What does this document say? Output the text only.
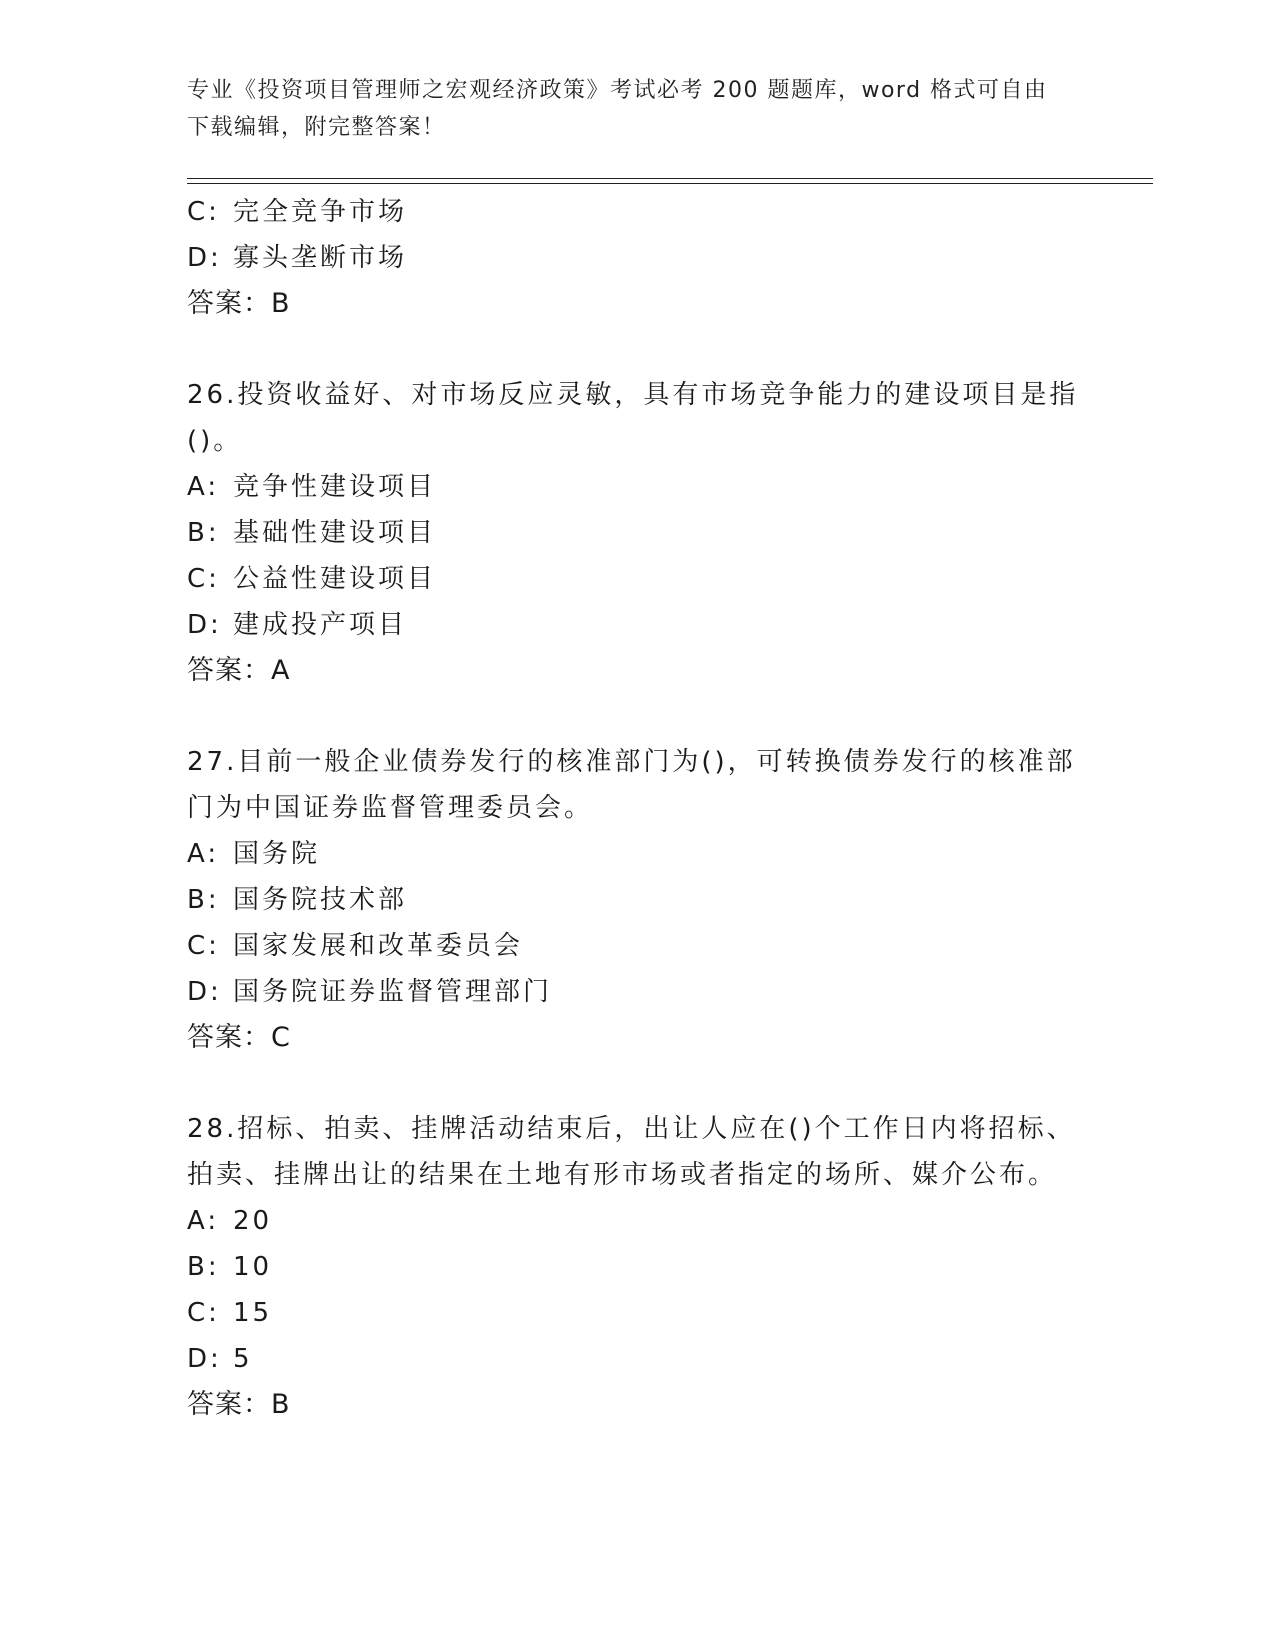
专业《投资项目管理师之宏观经济政策》考试必考 200 题题库，word 格式可自由
下载编辑，附完整答案！
C: 完全竞争市场
D: 寡头垄断市场
答案：B
26.投资收益好、对市场反应灵敏，具有市场竞争能力的建设项目是指
()。
A: 竞争性建设项目
B: 基础性建设项目
C: 公益性建设项目
D: 建成投产项目
答案：A
27.目前一般企业债券发行的核准部门为()，可转换债券发行的核准部
门为中国证券监督管理委员会。
A: 国务院
B: 国务院技术部
C: 国家发展和改革委员会
D: 国务院证券监督管理部门
答案：C
28.招标、拍卖、挂牌活动结束后，出让人应在()个工作日内将招标、
拍卖、挂牌出让的结果在土地有形市场或者指定的场所、媒介公布。
A: 20
B: 10
C: 15
D: 5
答案：B
